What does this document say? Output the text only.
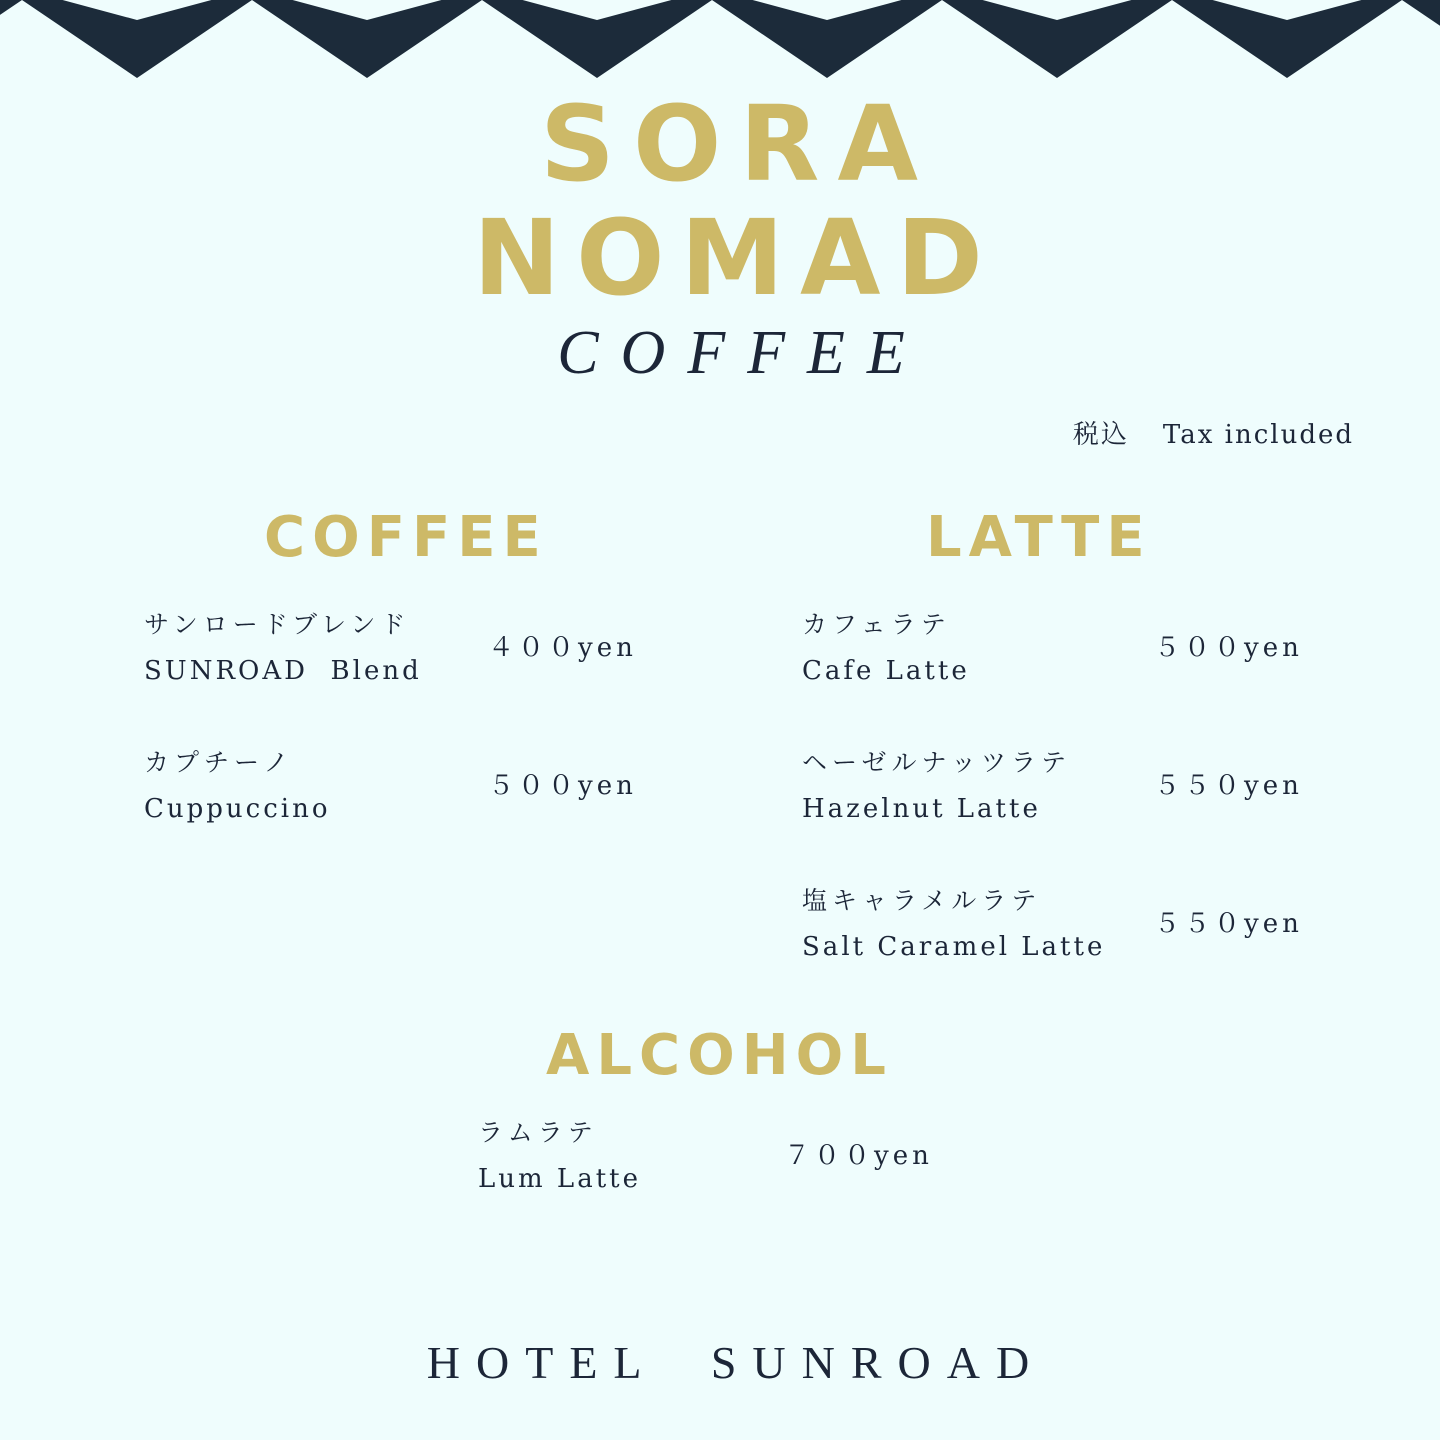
SORA
NOMAD
COFFEE
税込 Tax included
COFFEE	LATTE
ALCOHOL
サンロードブレンド
SUNROAD  Blend
４００yen
カプチーノ
Cuppuccino
５００yen
カフェラテ
Cafe Latte
５００yen
ヘーゼルナッツラテ
Hazelnut Latte
５５０yen
塩キャラメルラテ
Salt Caramel Latte
５５０yen
ラムラテ
Lum Latte
７００yen
HOTEL  SUNROAD
